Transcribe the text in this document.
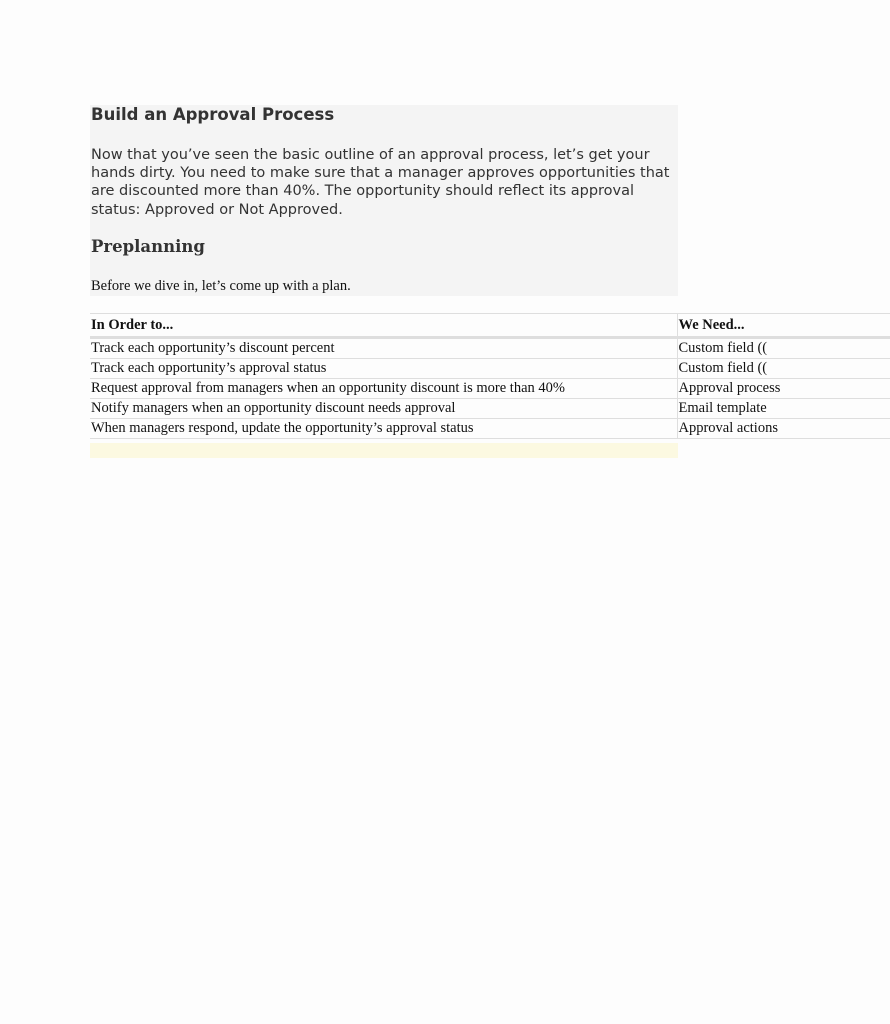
Build an Approval Process

Now that you’ve seen the basic outline of an approval process, let’s get your hands dirty. You need to make sure that a manager approves opportunities that are discounted more than 40%. The opportunity should reflect its approval status: Approved or Not Approved.

Preplanning

Before we dive in, let’s come up with a plan.

In Order to...	We Need...
Track each opportunity’s discount percent	Custom field ((
Track each opportunity’s approval status	Custom field ((
Request approval from managers when an opportunity discount is more than 40%	Approval process
Notify managers when an opportunity discount needs approval	Email template
When managers respond, update the opportunity’s approval status	Approval actions
